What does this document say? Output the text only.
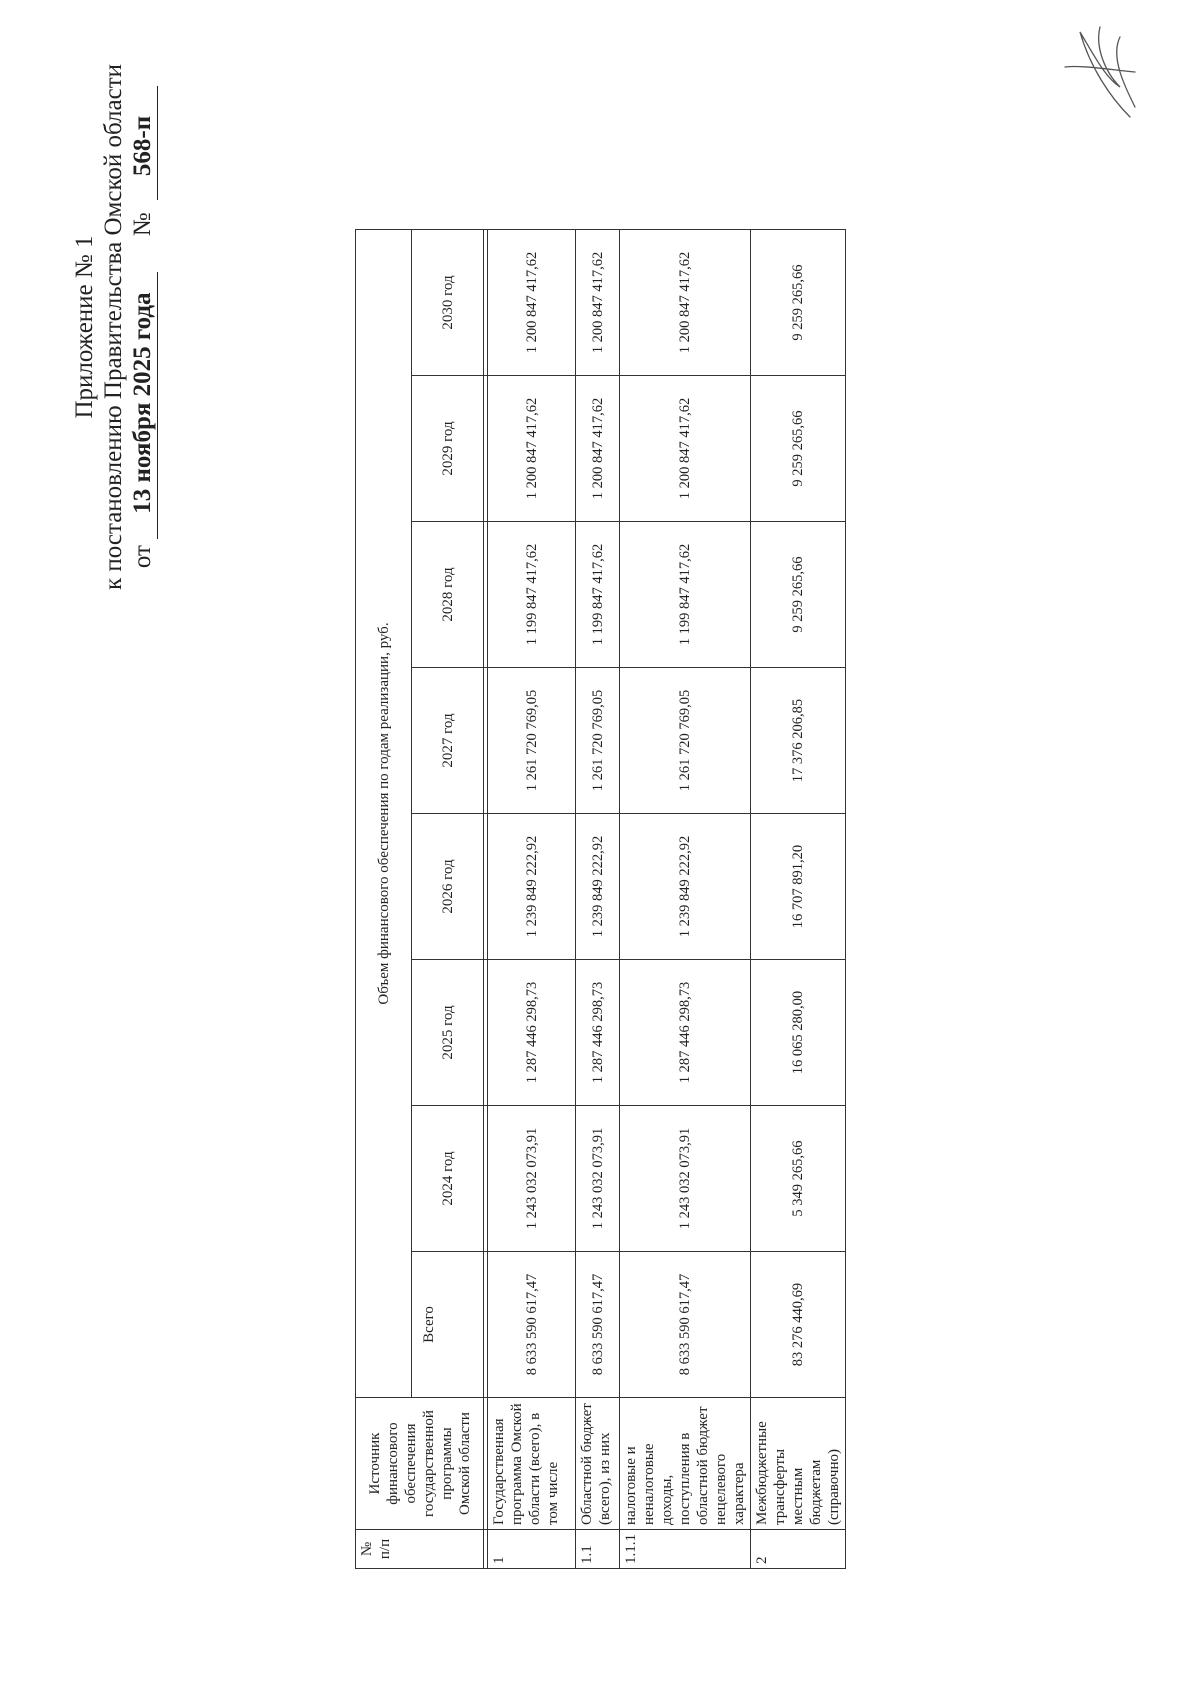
Приложение № 1 к постановлению Правительства Омской области от 13 ноября 2025 года № 568-п
№ п/п	Источник финансового обеспечения государственной программы Омской области	Объем финансового обеспечения по годам реализации, руб.							
		Всего	2024 год	2025 год	2026 год	2027 год	2028 год	2029 год	2030 год

1	Государственная программа Омской области (всего), в том числе	8 633 590 617,47	1 243 032 073,91	1 287 446 298,73	1 239 849 222,92	1 261 720 769,05	1 199 847 417,62	1 200 847 417,62	1 200 847 417,62
1.1	Областной бюджет (всего), из них	8 633 590 617,47	1 243 032 073,91	1 287 446 298,73	1 239 849 222,92	1 261 720 769,05	1 199 847 417,62	1 200 847 417,62	1 200 847 417,62
1.1.1	налоговые и неналоговые доходы, поступления в областной бюджет нецелевого характера	8 633 590 617,47	1 243 032 073,91	1 287 446 298,73	1 239 849 222,92	1 261 720 769,05	1 199 847 417,62	1 200 847 417,62	1 200 847 417,62
2	Межбюджетные трансферты местным бюджетам (справочно)	83 276 440,69	5 349 265,66	16 065 280,00	16 707 891,20	17 376 206,85	9 259 265,66	9 259 265,66	9 259 265,66
